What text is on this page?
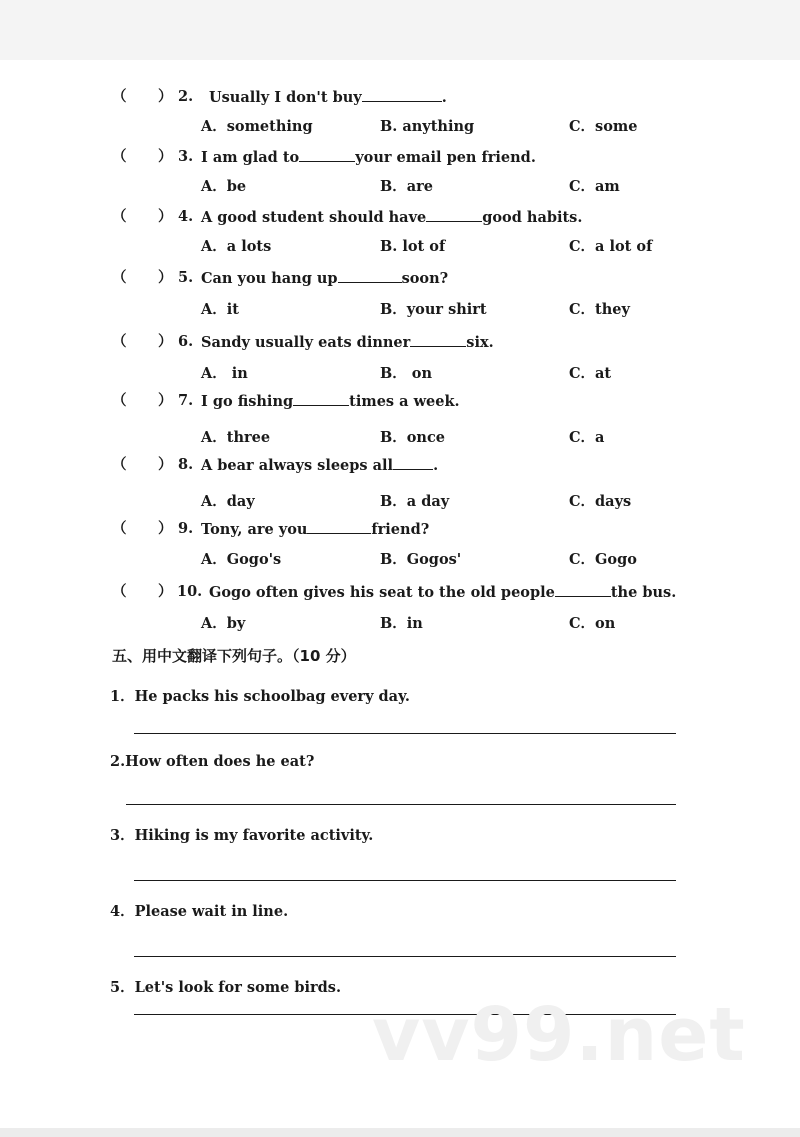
（ ） 2. Usually I don't buy	.
A．something	B. anything	C．some
（ ） 3. I am glad to	your email pen friend.
A．be	B．are	C．am
（ ） 4. A good student should have	good habits.
A．a lots	B. lot of	C．a lot of
（ ） 5. Can you hang up	soon?
A．it	B．your shirt	C．they
（ ） 6. Sandy usually eats dinner	six.
A． in	B． on	C．at
（ ） 7. I go fishing	times a week.
A．three	B．once	C．a
（ ） 8. A bear always sleeps all	.
A．day	B．a day	C．days
（ ） 9. Tony, are you	friend?
A．Gogo's	B．Gogos'	C．Gogo
（ ） 10. Gogo often gives his seat to the old people	the bus.
A．by	B．in	C．on
五、用中文翻译下列句子。（10 分）
1．He packs his schoolbag every day.
2.How often does he eat?
3．Hiking is my favorite activity.
4．Please wait in line.
5．Let's look for some birds.
vv99.net
